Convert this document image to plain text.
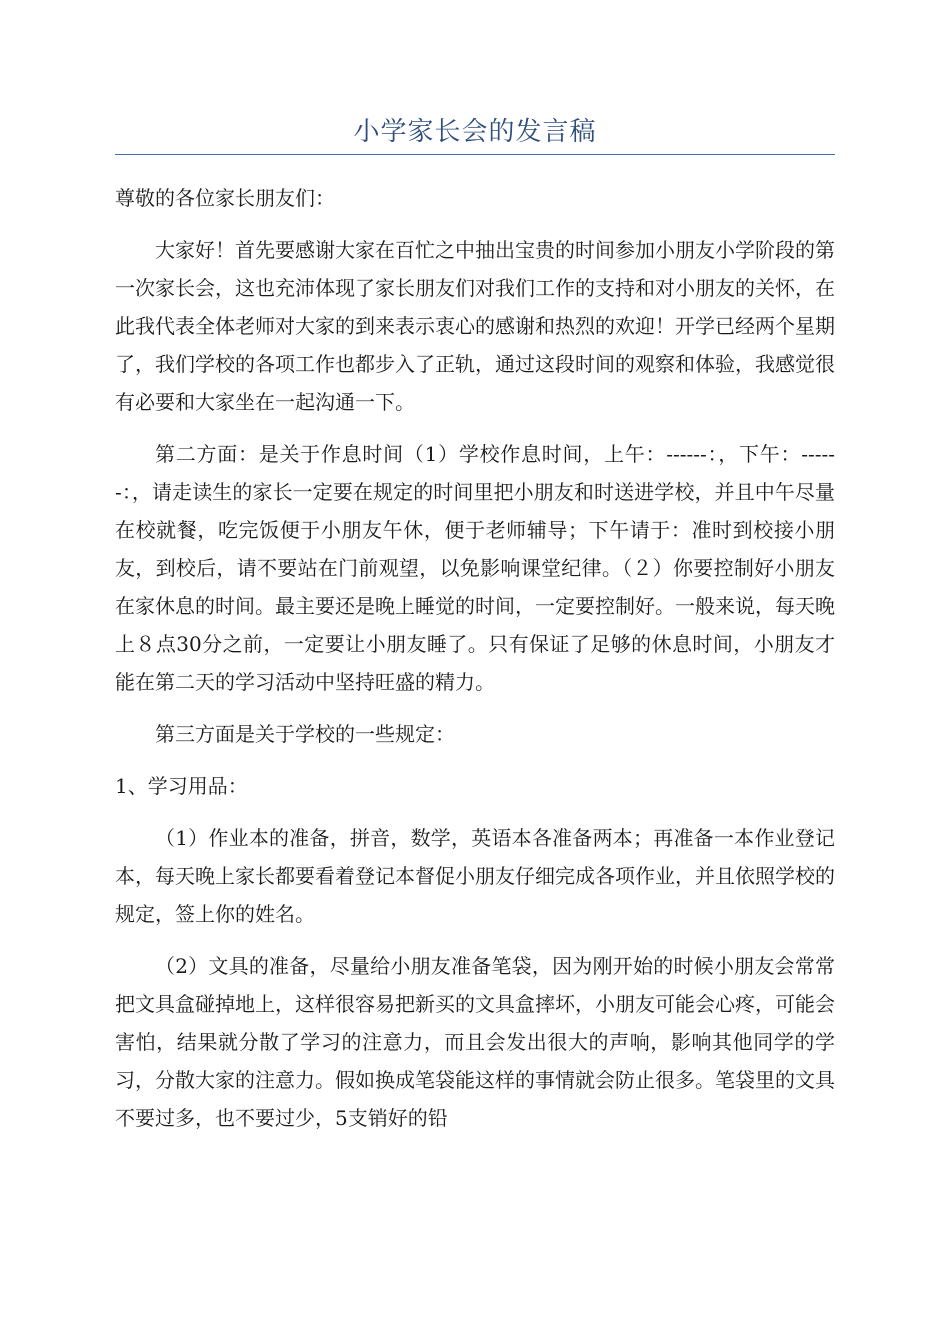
小学家长会的发言稿
尊敬的各位家长朋友们：

大家好！首先要感谢大家在百忙之中抽出宝贵的时间参加小朋友小学阶段的第一次家长会，这也充沛体现了家长朋友们对我们工作的支持和对小朋友的关怀，在此我代表全体老师对大家的到来表示衷心的感谢和热烈的欢迎！开学已经两个星期了，我们学校的各项工作也都步入了正轨，通过这段时间的观察和体验，我感觉很有必要和大家坐在一起沟通一下。

第二方面：是关于作息时间（1）学校作息时间，上午：------：，下午：------：，请走读生的家长一定要在规定的时间里把小朋友和时送进学校，并且中午尽量在校就餐，吃完饭便于小朋友午休，便于老师辅导；下午请于：准时到校接小朋友，到校后，请不要站在门前观望，以免影响课堂纪律。（２）你要控制好小朋友在家休息的时间。最主要还是晚上睡觉的时间，一定要控制好。一般来说，每天晚上８点30分之前，一定要让小朋友睡了。只有保证了足够的休息时间，小朋友才能在第二天的学习活动中坚持旺盛的精力。

第三方面是关于学校的一些规定：

1、学习用品：

（1）作业本的准备，拼音，数学，英语本各准备两本；再准备一本作业登记本，每天晚上家长都要看着登记本督促小朋友仔细完成各项作业，并且依照学校的规定，签上你的姓名。

（2）文具的准备，尽量给小朋友准备笔袋，因为刚开始的时候小朋友会常常把文具盒碰掉地上，这样很容易把新买的文具盒摔坏，小朋友可能会心疼，可能会害怕，结果就分散了学习的注意力，而且会发出很大的声响，影响其他同学的学习，分散大家的注意力。假如换成笔袋能这样的事情就会防止很多。笔袋里的文具不要过多，也不要过少，5支销好的铅
